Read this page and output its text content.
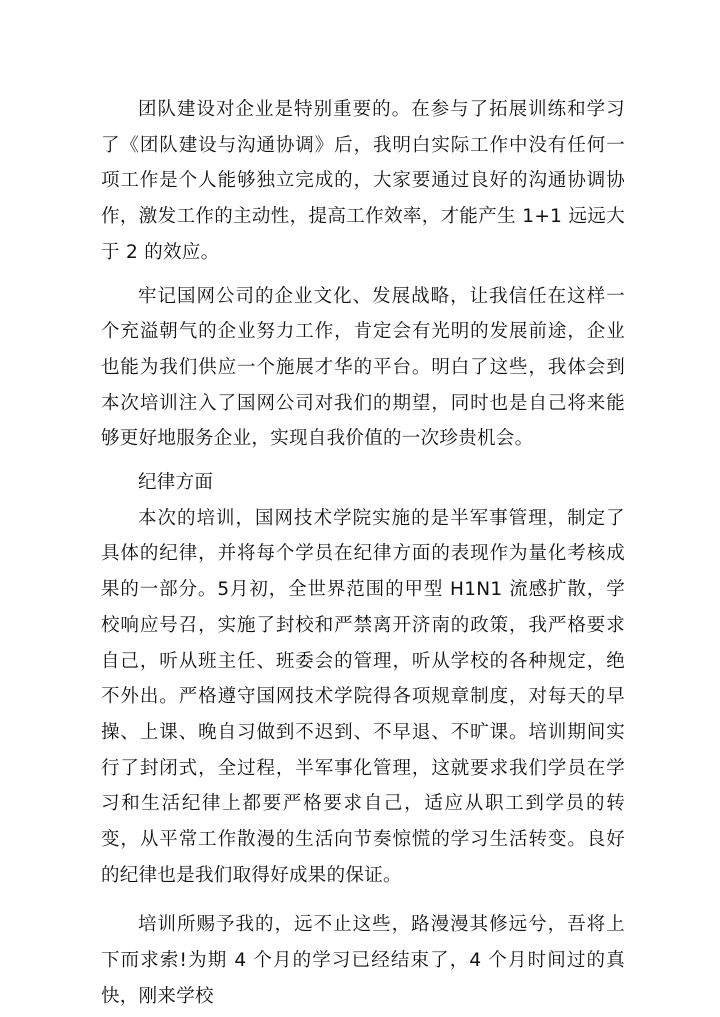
团队建设对企业是特别重要的。在参与了拓展训练和学习了《团队建设与沟通协调》后，我明白实际工作中没有任何一项工作是个人能够独立完成的，大家要通过良好的沟通协调协作，激发工作的主动性，提高工作效率，才能产生 1+1 远远大于 2 的效应。

牢记国网公司的企业文化、发展战略，让我信任在这样一个充溢朝气的企业努力工作，肯定会有光明的发展前途，企业也能为我们供应一个施展才华的平台。明白了这些，我体会到本次培训注入了国网公司对我们的期望，同时也是自己将来能够更好地服务企业，实现自我价值的一次珍贵机会。

纪律方面

本次的培训，国网技术学院实施的是半军事管理，制定了具体的纪律，并将每个学员在纪律方面的表现作为量化考核成果的一部分。5月初，全世界范围的甲型 H1N1 流感扩散，学校响应号召，实施了封校和严禁离开济南的政策，我严格要求自己，听从班主任、班委会的管理，听从学校的各种规定，绝不外出。严格遵守国网技术学院得各项规章制度，对每天的早操、上课、晚自习做到不迟到、不早退、不旷课。培训期间实行了封闭式，全过程，半军事化管理，这就要求我们学员在学习和生活纪律上都要严格要求自己，适应从职工到学员的转变，从平常工作散漫的生活向节奏惊慌的学习生活转变。良好的纪律也是我们取得好成果的保证。

培训所赐予我的，远不止这些，路漫漫其修远兮，吾将上下而求索!为期 4 个月的学习已经结束了，4 个月时间过的真快，刚来学校
